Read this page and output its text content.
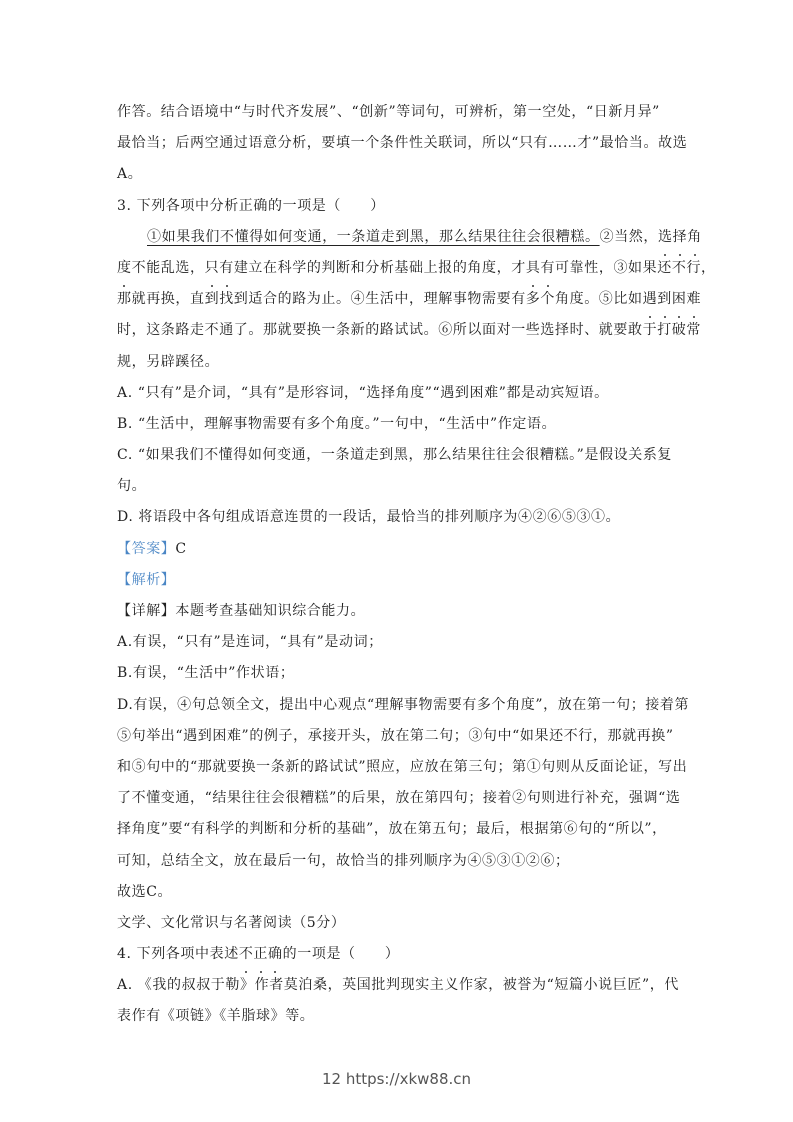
作答。结合语境中“与时代齐发展”、“创新”等词句，可辨析，第一空处，“日新月异”
最恰当；后两空通过语意分析，要填一个条件性关联词，所以“只有……才”最恰当。故选
A。
3. 下列各项中分析正确的一项是（　　）
①如果我们不懂得如何变通，一条道走到黑，那么结果往往会很糟糕。②当然，选择角
度不能乱选，只有建立在科学的判断和分析基础上报的角度，才具有可靠性，③如果还不行，
那就再换，直到找到适合的路为止。④生活中，理解事物需要有多个角度。⑤比如遇到困难
时，这条路走不通了。那就要换一条新的路试试。⑥所以面对一些选择时、就要敢于打破常
规，另辟蹊径。
A. “只有”是介词，“具有”是形容词，“选择角度”“遇到困难”都是动宾短语。
B. “生活中，理解事物需要有多个角度。”一句中，“生活中”作定语。
C. “如果我们不懂得如何变通，一条道走到黑，那么结果往往会很糟糕。”是假设关系复
句。
D. 将语段中各句组成语意连贯的一段话，最恰当的排列顺序为④②⑥⑤③①。
【答案】C
【解析】
【详解】本题考查基础知识综合能力。
A.有误，“只有”是连词，“具有”是动词；
B.有误，“生活中”作状语；
D.有误，④句总领全文，提出中心观点“理解事物需要有多个角度”，放在第一句；接着第
⑤句举出“遇到困难”的例子，承接开头，放在第二句；③句中“如果还不行，那就再换”
和⑤句中的“那就要换一条新的路试试”照应，应放在第三句；第①句则从反面论证，写出
了不懂变通，“结果往往会很糟糕”的后果，放在第四句；接着②句则进行补充，强调“选
择角度”要“有科学的判断和分析的基础”，放在第五句；最后，根据第⑥句的“所以”，
可知，总结全文，放在最后一句，故恰当的排列顺序为④⑤③①②⑥；
故选C。
文学、文化常识与名著阅读（5分）
4. 下列各项中表述不正确的一项是（　　）
A. 《我的叔叔于勒》作者莫泊桑，英国批判现实主义作家，被誉为“短篇小说巨匠”，代
表作有《项链》《羊脂球》等。
12 https://xkw88.cn
